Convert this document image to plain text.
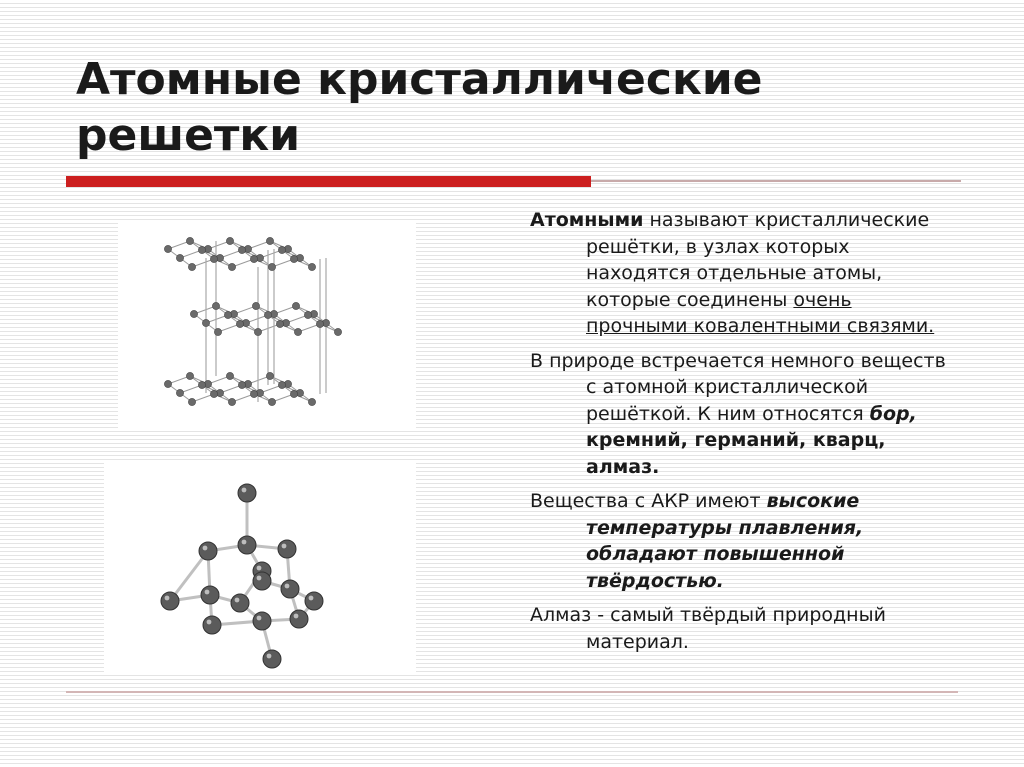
Атомные кристаллические
решетки

Атомными называют кристаллические решётки, в узлах которых находятся отдельные атомы, которые соединены очень прочными ковалентными связями.

В природе встречается немного веществ с атомной кристаллической решёткой. К ним относятся бор, кремний, германий, кварц, алмаз.

Вещества с АКР имеют высокие температуры плавления, обладают повышенной твёрдостью.

Алмаз - самый твёрдый природный материал.
